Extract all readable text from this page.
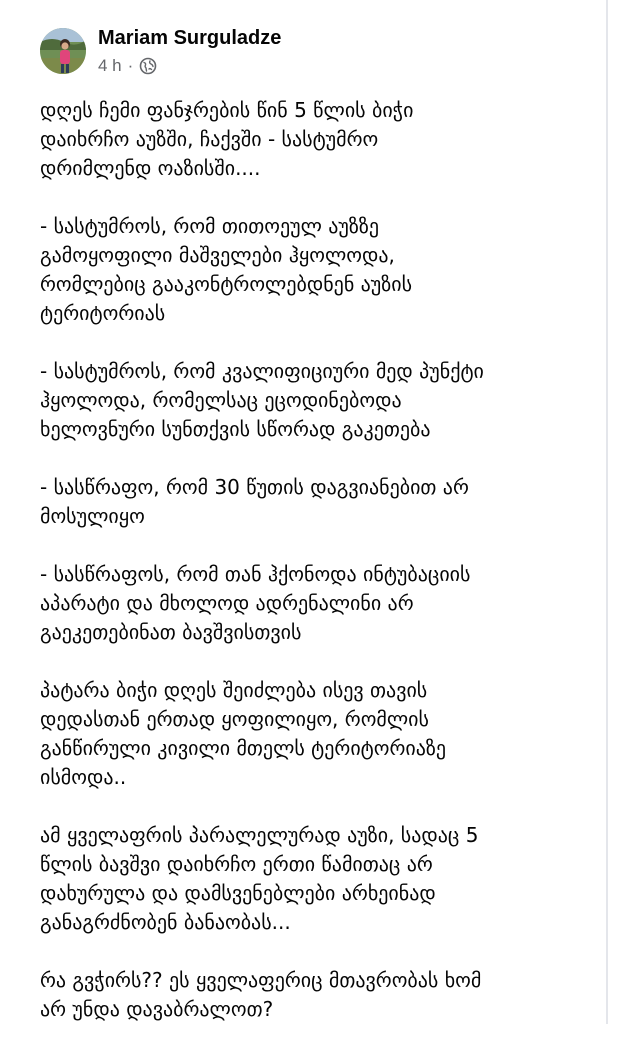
Mariam Surguladze
4 h ·

დღეს ჩემი ფანჯრების წინ 5 წლის ბიჭი
დაიხრჩო აუზში, ჩაქვში - სასტუმრო
დრიმლენდ ოაზისში....

- სასტუმროს, რომ თითოეულ აუზზე
გამოყოფილი მაშველები ჰყოლოდა,
რომლებიც გააკონტროლებდნენ აუზის
ტერიტორიას

- სასტუმროს, რომ კვალიფიციური მედ პუნქტი
ჰყოლოდა, რომელსაც ეცოდინებოდა
ხელოვნური სუნთქვის სწორად გაკეთება

- სასწრაფო, რომ 30 წუთის დაგვიანებით არ
მოსულიყო

- სასწრაფოს, რომ თან ჰქონოდა ინტუბაციის
აპარატი და მხოლოდ ადრენალინი არ
გაეკეთებინათ ბავშვისთვის

პატარა ბიჭი დღეს შეიძლება ისევ თავის
დედასთან ერთად ყოფილიყო, რომლის
განწირული კივილი მთელს ტერიტორიაზე
ისმოდა..

ამ ყველაფრის პარალელურად აუზი, სადაც 5
წლის ბავშვი დაიხრჩო ერთი წამითაც არ
დახურულა და დამსვენებლები არხეინად
განაგრძნობენ ბანაობას...

რა გვჭირს?? ეს ყველაფერიც მთავრობას ხომ
არ უნდა დავაბრალოთ?
